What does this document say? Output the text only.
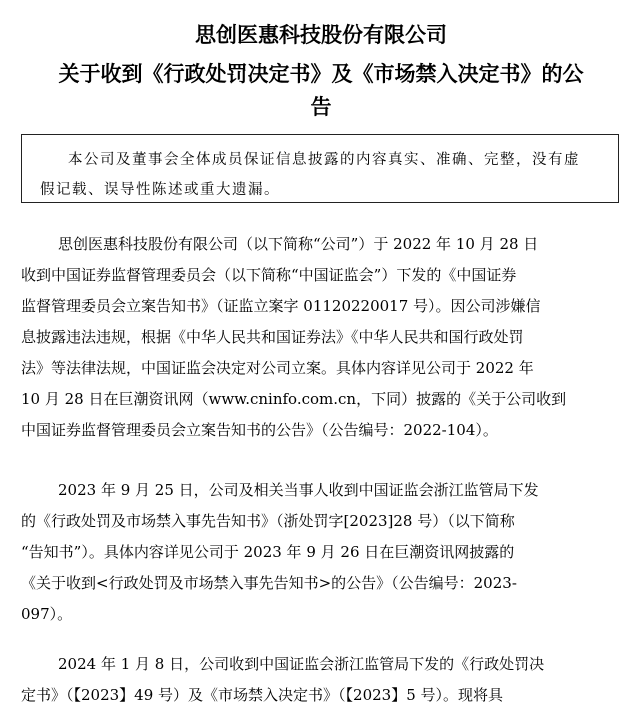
思创医惠科技股份有限公司
关于收到《行政处罚决定书》及《市场禁入决定书》的公
告
本公司及董事会全体成员保证信息披露的内容真实、准确、完整，没有虚
假记载、误导性陈述或重大遗漏。
思创医惠科技股份有限公司（以下简称“公司”）于 2022 年 10 月 28 日
收到中国证券监督管理委员会（以下简称“中国证监会”）下发的《中国证券
监督管理委员会立案告知书》（证监立案字 01120220017 号）。因公司涉嫌信
息披露违法违规，根据《中华人民共和国证券法》《中华人民共和国行政处罚
法》等法律法规，中国证监会决定对公司立案。具体内容详见公司于 2022 年
10 月 28 日在巨潮资讯网（www.cninfo.com.cn，下同）披露的《关于公司收到
中国证券监督管理委员会立案告知书的公告》（公告编号：2022-104）。
2023 年 9 月 25 日，公司及相关当事人收到中国证监会浙江监管局下发
的《行政处罚及市场禁入事先告知书》（浙处罚字[2023]28 号）（以下简称
“告知书”）。具体内容详见公司于 2023 年 9 月 26 日在巨潮资讯网披露的
《关于收到<行政处罚及市场禁入事先告知书>的公告》（公告编号：2023-
097）。
2024 年 1 月 8 日，公司收到中国证监会浙江监管局下发的《行政处罚决
定书》（【2023】49 号）及《市场禁入决定书》（【2023】5 号）。现将具
